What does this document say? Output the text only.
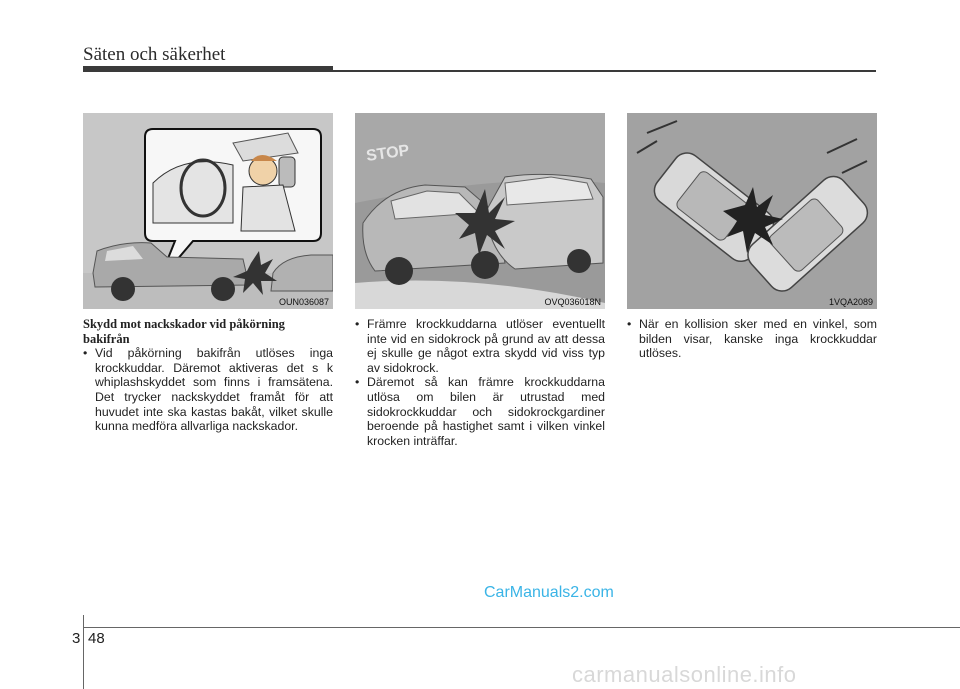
Säten och säkerhet
OUN036087
STOP
OVQ036018N	1VQA2089
Skydd mot nackskador vid påkörning bakifrån
• Vid påkörning bakifrån utlöses inga krockkuddar. Däremot aktiveras det s k whiplashskyddet som finns i framsätena. Det trycker nackskyddet framåt för att huvudet inte ska kastas bakåt, vilket skulle kunna medföra allvarliga nackskador.
• Främre krockkuddarna utlöser eventuellt inte vid en sidokrock på grund av att dessa ej skulle ge något extra skydd vid viss typ av sidokrock.
• Däremot så kan främre krockkuddarna utlösa om bilen är utrustad med sidokrockkuddar och sidokrockgardiner beroende på hastighet samt i vilken vinkel krocken inträffar.
• När en kollision sker med en vinkel, som bilden visar, kanske inga krockkuddar utlöses.
CarManuals2.com
3 48
carmanualsonline.info
